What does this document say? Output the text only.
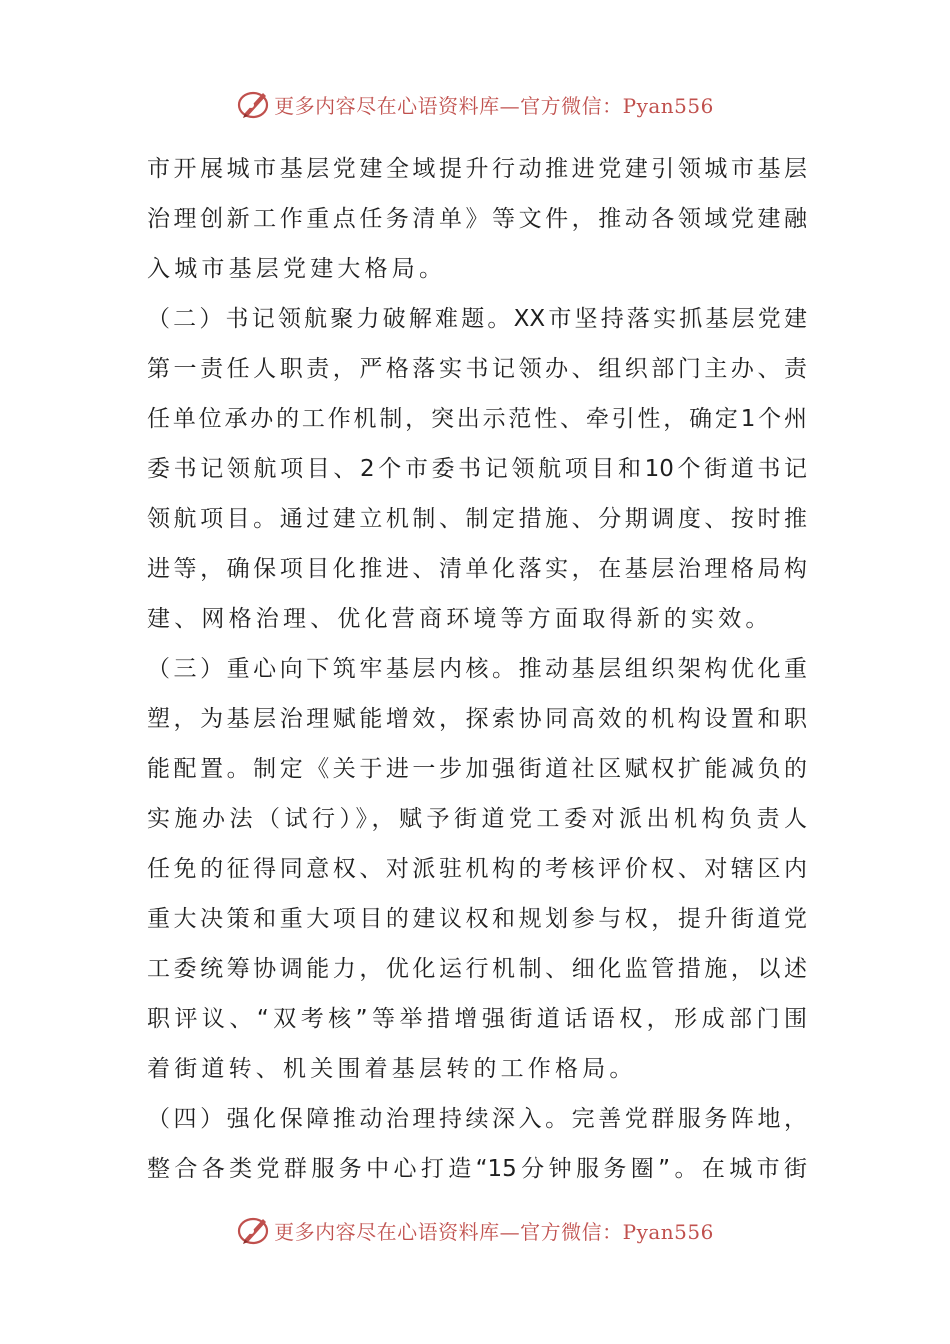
更多内容尽在心语资料库—官方微信：Pyan556
市开展城市基层党建全域提升行动推进党建引领城市基层
治理创新工作重点任务清单》等文件，推动各领域党建融
入城市基层党建大格局。
（二）书记领航聚力破解难题。XX市坚持落实抓基层党建
第一责任人职责，严格落实书记领办、组织部门主办、责
任单位承办的工作机制，突出示范性、牵引性，确定1个州
委书记领航项目、2个市委书记领航项目和10个街道书记
领航项目。通过建立机制、制定措施、分期调度、按时推
进等，确保项目化推进、清单化落实，在基层治理格局构
建、网格治理、优化营商环境等方面取得新的实效。
（三）重心向下筑牢基层内核。推动基层组织架构优化重
塑，为基层治理赋能增效，探索协同高效的机构设置和职
能配置。制定《关于进一步加强街道社区赋权扩能减负的
实施办法（试行）》，赋予街道党工委对派出机构负责人
任免的征得同意权、对派驻机构的考核评价权、对辖区内
重大决策和重大项目的建议权和规划参与权，提升街道党
工委统筹协调能力，优化运行机制、细化监管措施，以述
职评议、“双考核”等举措增强街道话语权，形成部门围
着街道转、机关围着基层转的工作格局。
（四）强化保障推动治理持续深入。完善党群服务阵地，
整合各类党群服务中心打造“15分钟服务圈”。在城市街
更多内容尽在心语资料库—官方微信：Pyan556
